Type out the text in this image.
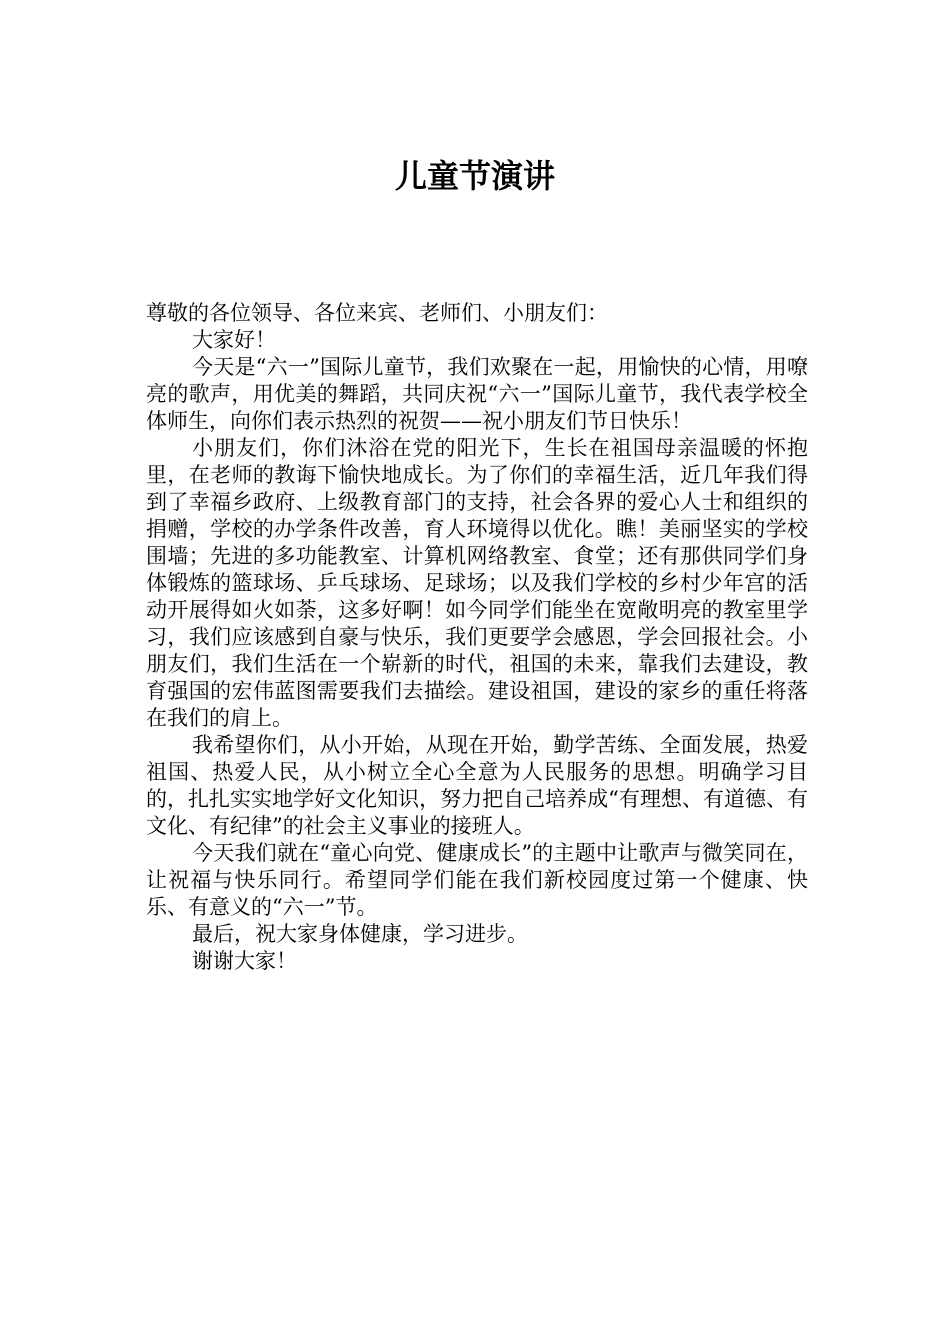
儿童节演讲

尊敬的各位领导、各位来宾、老师们、小朋友们：

大家好！

今天是“六一”国际儿童节，我们欢聚在一起，用愉快的心情，用嘹亮的歌声，用优美的舞蹈，共同庆祝“六一”国际儿童节，我代表学校全体师生，向你们表示热烈的祝贺——祝小朋友们节日快乐！

小朋友们，你们沐浴在党的阳光下，生长在祖国母亲温暖的怀抱里，在老师的教诲下愉快地成长。为了你们的幸福生活，近几年我们得到了幸福乡政府、上级教育部门的支持，社会各界的爱心人士和组织的捐赠，学校的办学条件改善，育人环境得以优化。瞧！美丽坚实的学校围墙；先进的多功能教室、计算机网络教室、食堂；还有那供同学们身体锻炼的篮球场、乒乓球场、足球场；以及我们学校的乡村少年宫的活动开展得如火如荼，这多好啊！如今同学们能坐在宽敞明亮的教室里学习，我们应该感到自豪与快乐，我们更要学会感恩，学会回报社会。小朋友们，我们生活在一个崭新的时代，祖国的未来，靠我们去建设，教育强国的宏伟蓝图需要我们去描绘。建设祖国，建设的家乡的重任将落在我们的肩上。

我希望你们，从小开始，从现在开始，勤学苦练、全面发展，热爱祖国、热爱人民，从小树立全心全意为人民服务的思想。明确学习目的，扎扎实实地学好文化知识，努力把自己培养成“有理想、有道德、有文化、有纪律”的社会主义事业的接班人。

今天我们就在“童心向党、健康成长”的主题中让歌声与微笑同在，让祝福与快乐同行。希望同学们能在我们新校园度过第一个健康、快乐、有意义的“六一”节。

最后，祝大家身体健康，学习进步。

谢谢大家！
